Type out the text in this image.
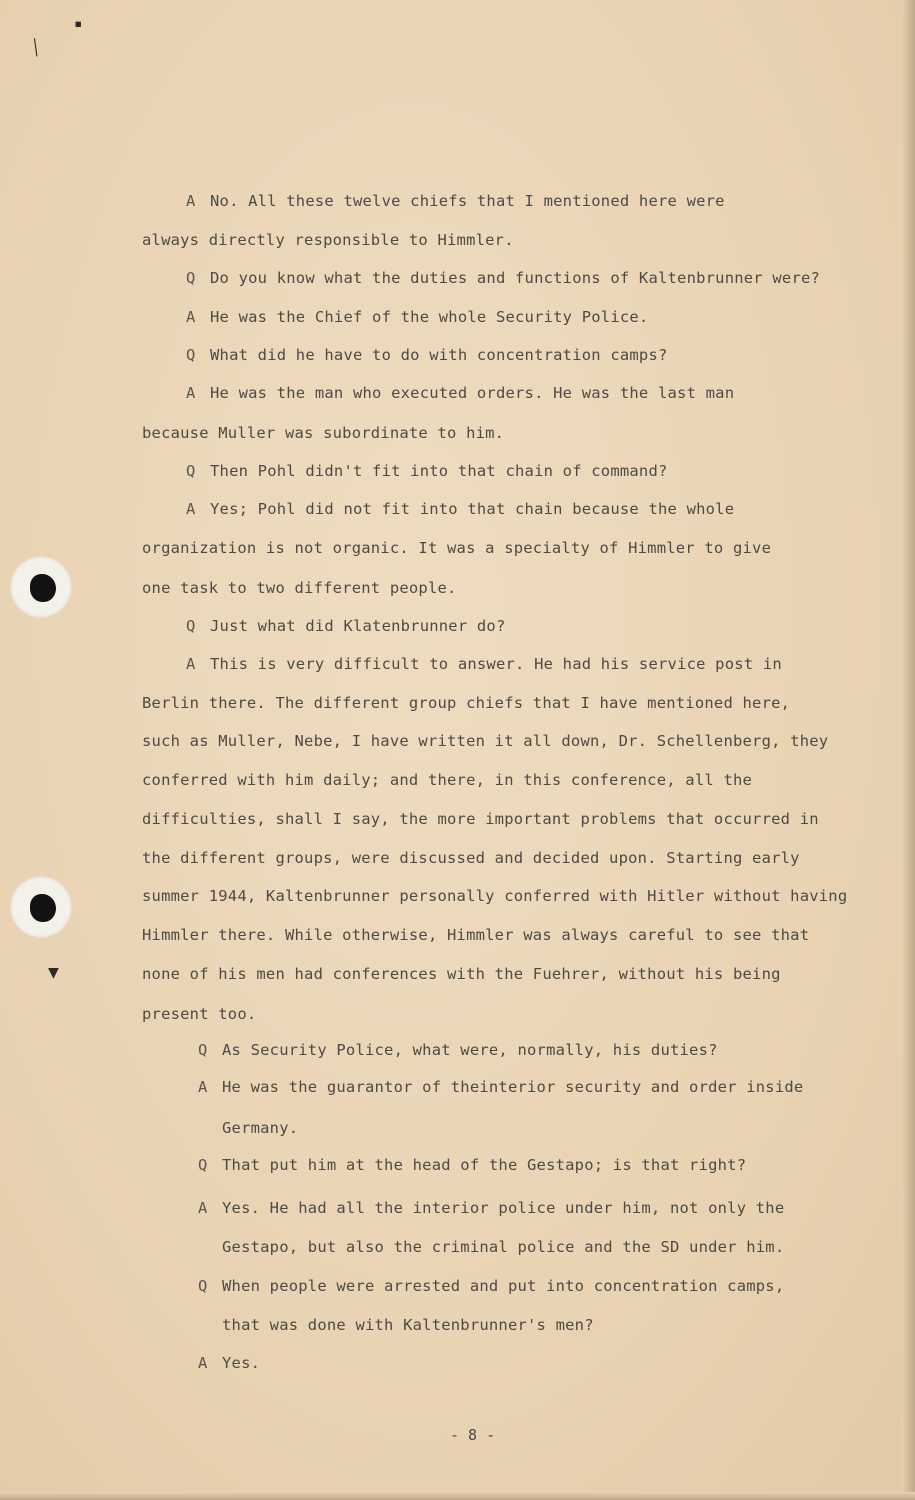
▪
╱
▼
A No. All these twelve chiefs that I mentioned here were
always directly responsible to Himmler.
Q Do you know what the duties and functions of Kaltenbrunner were?
A He was the Chief of the whole Security Police.
Q What did he have to do with concentration camps?
A He was the man who executed orders. He was the last man
because Muller was subordinate to him.
Q Then Pohl didn't fit into that chain of command?
A Yes; Pohl did not fit into that chain because the whole
organization is not organic. It was a specialty of Himmler to give
one task to two different people.
Q Just what did Klatenbrunner do?
A This is very difficult to answer. He had his service post in
Berlin there. The different group chiefs that I have mentioned here,
such as Muller, Nebe, I have written it all down, Dr. Schellenberg, they
conferred with him daily; and there, in this conference, all the
difficulties, shall I say, the more important problems that occurred in
the different groups, were discussed and decided upon. Starting early
summer 1944, Kaltenbrunner personally conferred with Hitler without having
Himmler there. While otherwise, Himmler was always careful to see that
none of his men had conferences with the Fuehrer, without his being
present too.
Q As Security Police, what were, normally, his duties?
A He was the guarantor of theinterior security and order inside
Germany.
Q That put him at the head of the Gestapo; is that right?
A Yes. He had all the interior police under him, not only the
Gestapo, but also the criminal police and the SD under him.
Q When people were arrested and put into concentration camps,
that was done with Kaltenbrunner's men?
A Yes.
- 8 -
